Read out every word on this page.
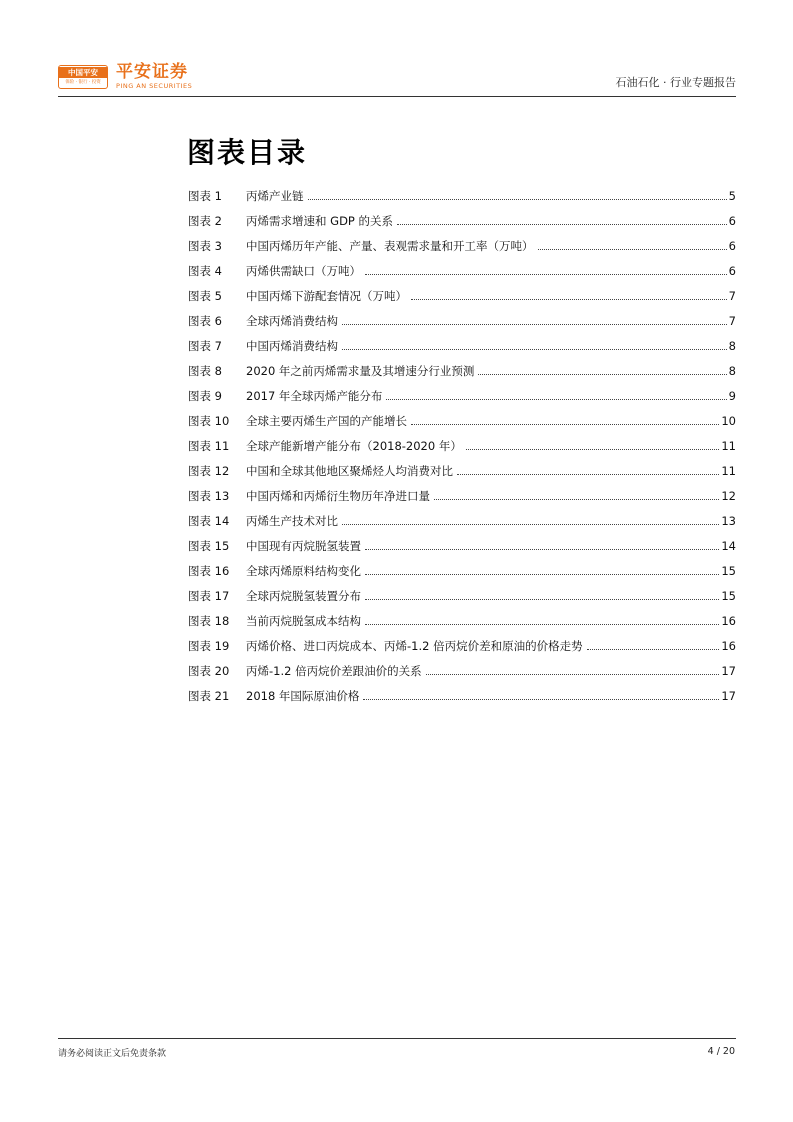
中国平安
保险 · 银行 · 投资
平安证券
PING AN SECURITIES	石油石化 · 行业专题报告
图表目录
图表 1	丙烯产业链	5
图表 2	丙烯需求增速和 GDP 的关系	6
图表 3	中国丙烯历年产能、产量、表观需求量和开工率（万吨）	6
图表 4	丙烯供需缺口（万吨）	6
图表 5	中国丙烯下游配套情况（万吨）	7
图表 6	全球丙烯消费结构	7
图表 7	中国丙烯消费结构	8
图表 8	2020 年之前丙烯需求量及其增速分行业预测	8
图表 9	2017 年全球丙烯产能分布	9
图表 10	全球主要丙烯生产国的产能增长	10
图表 11	全球产能新增产能分布（2018-2020 年）	11
图表 12	中国和全球其他地区聚烯烃人均消费对比	11
图表 13	中国丙烯和丙烯衍生物历年净进口量	12
图表 14	丙烯生产技术对比	13
图表 15	中国现有丙烷脱氢装置	14
图表 16	全球丙烯原料结构变化	15
图表 17	全球丙烷脱氢装置分布	15
图表 18	当前丙烷脱氢成本结构	16
图表 19	丙烯价格、进口丙烷成本、丙烯-1.2 倍丙烷价差和原油的价格走势	16
图表 20	丙烯-1.2 倍丙烷价差跟油价的关系	17
图表 21	2018 年国际原油价格	17
请务必阅读正文后免责条款	4 / 20
